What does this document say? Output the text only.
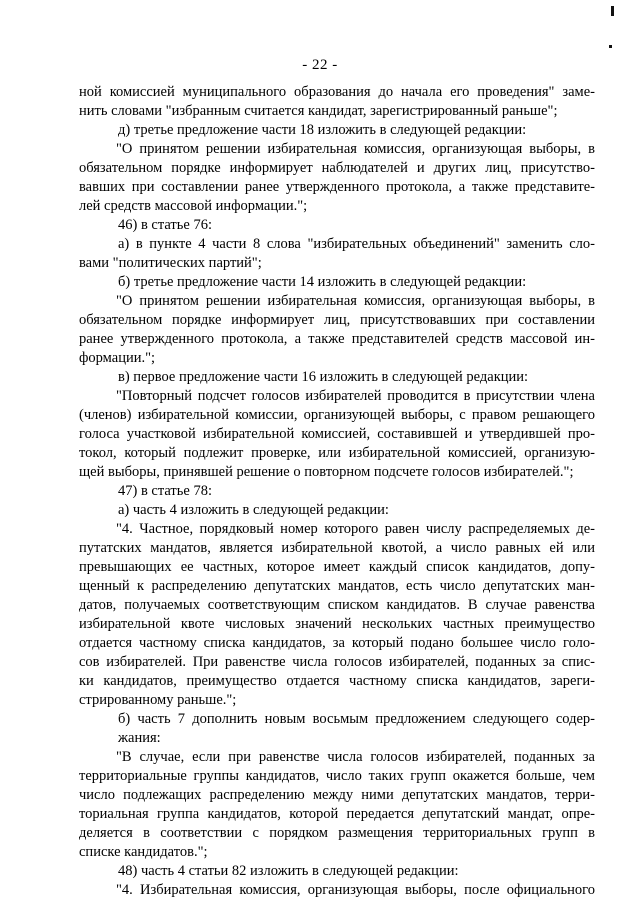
- 22 -
ной комиссией муниципального образования до начала его проведения" заме-
нить словами "избранным считается кандидат, зарегистрированный раньше";
д) третье предложение части 18 изложить в следующей редакции:
"О принятом решении избирательная комиссия, организующая выборы, в
обязательном порядке информирует наблюдателей и других лиц, присутство-
вавших при составлении ранее утвержденного протокола, а также представите-
лей средств массовой информации.";
46) в статье 76:
а) в пункте 4 части 8 слова "избирательных объединений" заменить сло-
вами "политических партий";
б) третье предложение части 14 изложить в следующей редакции:
"О принятом решении избирательная комиссия, организующая выборы, в
обязательном порядке информирует лиц, присутствовавших при составлении
ранее утвержденного протокола, а также представителей средств массовой ин-
формации.";
в) первое предложение части 16 изложить в следующей редакции:
"Повторный подсчет голосов избирателей проводится в присутствии члена
(членов) избирательной комиссии, организующей выборы, с правом решающего
голоса участковой избирательной комиссией, составившей и утвердившей про-
токол, который подлежит проверке, или избирательной комиссией, организую-
щей выборы, принявшей решение о повторном подсчете голосов избирателей.";
47) в статье 78:
а) часть 4 изложить в следующей редакции:
"4. Частное, порядковый номер которого равен числу распределяемых де-
путатских мандатов, является избирательной квотой, а число равных ей или
превышающих ее частных, которое имеет каждый список кандидатов, допу-
щенный к распределению депутатских мандатов, есть число депутатских ман-
датов, получаемых соответствующим списком кандидатов. В случае равенства
избирательной квоте числовых значений нескольких частных преимущество
отдается частному списка кандидатов, за который подано большее число голо-
сов избирателей. При равенстве числа голосов избирателей, поданных за спис-
ки кандидатов, преимущество отдается частному списка кандидатов, зареги-
стрированному раньше.";
б) часть 7 дополнить новым восьмым предложением следующего содер-
жания:
"В случае, если при равенстве числа голосов избирателей, поданных за
территориальные группы кандидатов, число таких групп окажется больше, чем
число подлежащих распределению между ними депутатских мандатов, терри-
ториальная группа кандидатов, которой передается депутатский мандат, опре-
деляется в соответствии с порядком размещения территориальных групп в
списке кандидатов.";
48) часть 4 статьи 82 изложить в следующей редакции:
"4. Избирательная комиссия, организующая выборы, после официального
